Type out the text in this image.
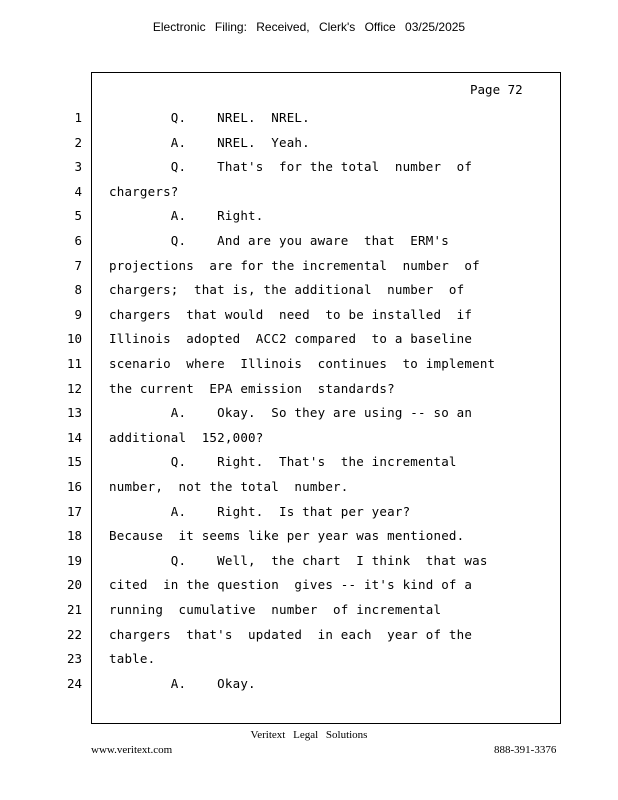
Electronic Filing: Received, Clerk's Office 03/25/2025
Page 72
1 Q.    NREL.  NREL.
2 A.    NREL.  Yeah.
3 Q.    That's  for the total  number  of
4 chargers?
5 A.    Right.
6 Q.    And are you aware  that  ERM's
7 projections  are for the incremental  number  of
8 chargers;  that is, the additional  number  of
9 chargers  that would  need  to be installed  if
10 Illinois  adopted  ACC2 compared  to a baseline
11 scenario  where  Illinois  continues  to implement
12 the current  EPA emission  standards?
13 A.    Okay.  So they are using -- so an
14 additional  152,000?
15 Q.    Right.  That's  the incremental
16 number,  not the total  number.
17 A.    Right.  Is that per year?
18 Because  it seems like per year was mentioned.
19 Q.    Well,  the chart  I think  that was
20 cited  in the question  gives -- it's kind of a
21 running  cumulative  number  of incremental
22 chargers  that's  updated  in each  year of the
23 table.
24 A.    Okay.
Veritext Legal Solutions
www.veritext.com	888-391-3376
